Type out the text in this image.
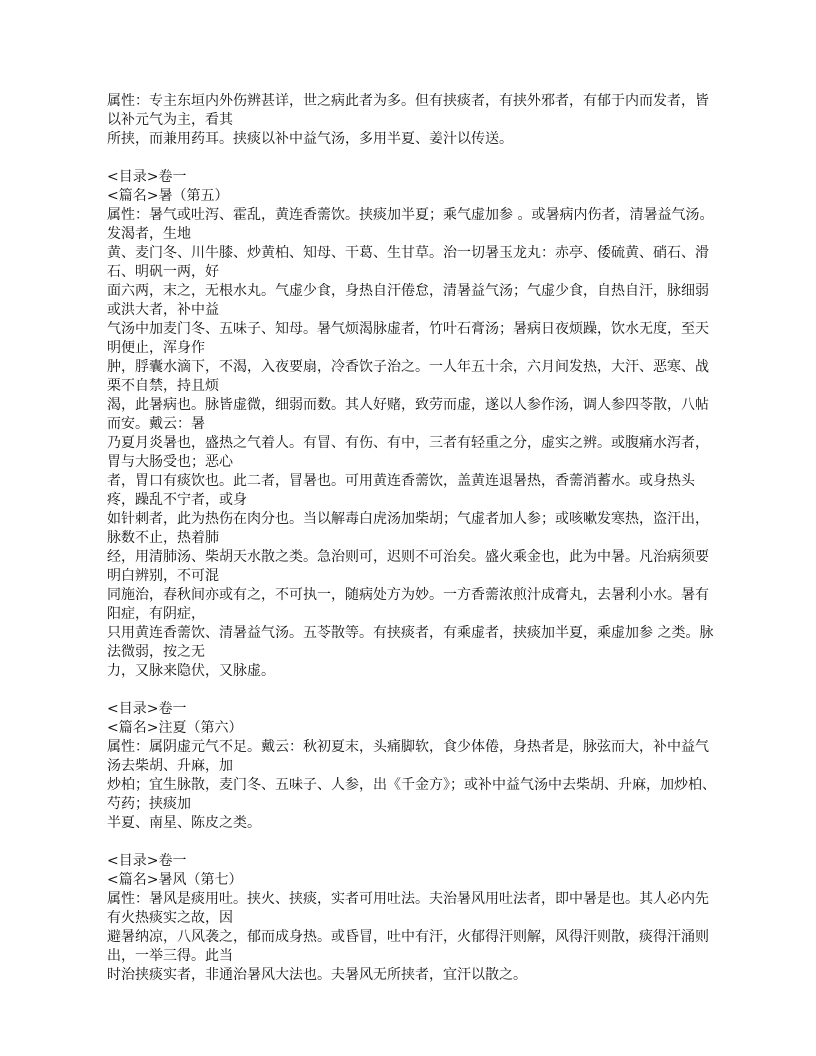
属性：专主东垣内外伤辨甚详，世之病此者为多。但有挟痰者，有挟外邪者，有郁于内而发者，皆以补元气为主，看其

所挟，而兼用药耳。挟痰以补中益气汤，多用半夏、姜汁以传送。

<目录>卷一

<篇名>暑（第五）

属性：暑气或吐泻、霍乱，黄连香薷饮。挟痰加半夏；乘气虚加参 。或暑病内伤者，清暑益气汤。发渴者，生地

黄、麦门冬、川牛膝、炒黄柏、知母、干葛、生甘草。治一切暑玉龙丸：赤亭、倭硫黄、硝石、滑石、明矾一两，好

面六两，末之，无根水丸。气虚少食，身热自汗倦怠，清暑益气汤；气虚少食，自热自汗，脉细弱或洪大者，补中益

气汤中加麦门冬、五味子、知母。暑气烦渴脉虚者，竹叶石膏汤；暑病日夜烦躁，饮水无度，至天明便止，浑身作

肿，脬囊水滴下，不渴，入夜要扇，冷香饮子治之。一人年五十余，六月间发热，大汗、恶寒、战栗不自禁，持且烦

渴，此暑病也。脉皆虚微，细弱而数。其人好赌，致劳而虚，遂以人参作汤，调人参四苓散，八帖而安。戴云：暑

乃夏月炎暑也，盛热之气着人。有冒、有伤、有中，三者有轻重之分，虚实之辨。或腹痛水泻者，胃与大肠受也；恶心

者，胃口有痰饮也。此二者，冒暑也。可用黄连香薷饮，盖黄连退暑热，香薷消蓄水。或身热头疼，躁乱不宁者，或身

如针刺者，此为热伤在肉分也。当以解毒白虎汤加柴胡；气虚者加人参；或咳嗽发寒热，盗汗出，脉数不止，热着肺

经，用清肺汤、柴胡天水散之类。急治则可，迟则不可治矣。盛火乘金也，此为中暑。凡治病须要明白辨别，不可混

同施治，春秋间亦或有之，不可执一，随病处方为妙。一方香薷浓煎汁成膏丸，去暑利小水。暑有阳症，有阴症，

只用黄连香薷饮、清暑益气汤。五苓散等。有挟痰者，有乘虚者，挟痰加半夏，乘虚加参 之类。脉法微弱，按之无

力，又脉来隐伏，又脉虚。

<目录>卷一

<篇名>注夏（第六）

属性：属阴虚元气不足。戴云：秋初夏末，头痛脚软，食少体倦，身热者是，脉弦而大，补中益气汤去柴胡、升麻，加

炒柏；宜生脉散，麦门冬、五味子、人参，出《千金方》；或补中益气汤中去柴胡、升麻，加炒柏、芍药；挟痰加

半夏、南星、陈皮之类。

<目录>卷一

<篇名>暑风（第七）

属性：暑风是痰用吐。挟火、挟痰，实者可用吐法。夫治暑风用吐法者，即中暑是也。其人必内先有火热痰实之故，因

避暑纳凉，八风袭之，郁而成身热。或昏冒，吐中有汗，火郁得汗则解，风得汗则散，痰得汗涌则出，一举三得。此当

时治挟痰实者，非通治暑风大法也。夫暑风无所挟者，宜汗以散之。
